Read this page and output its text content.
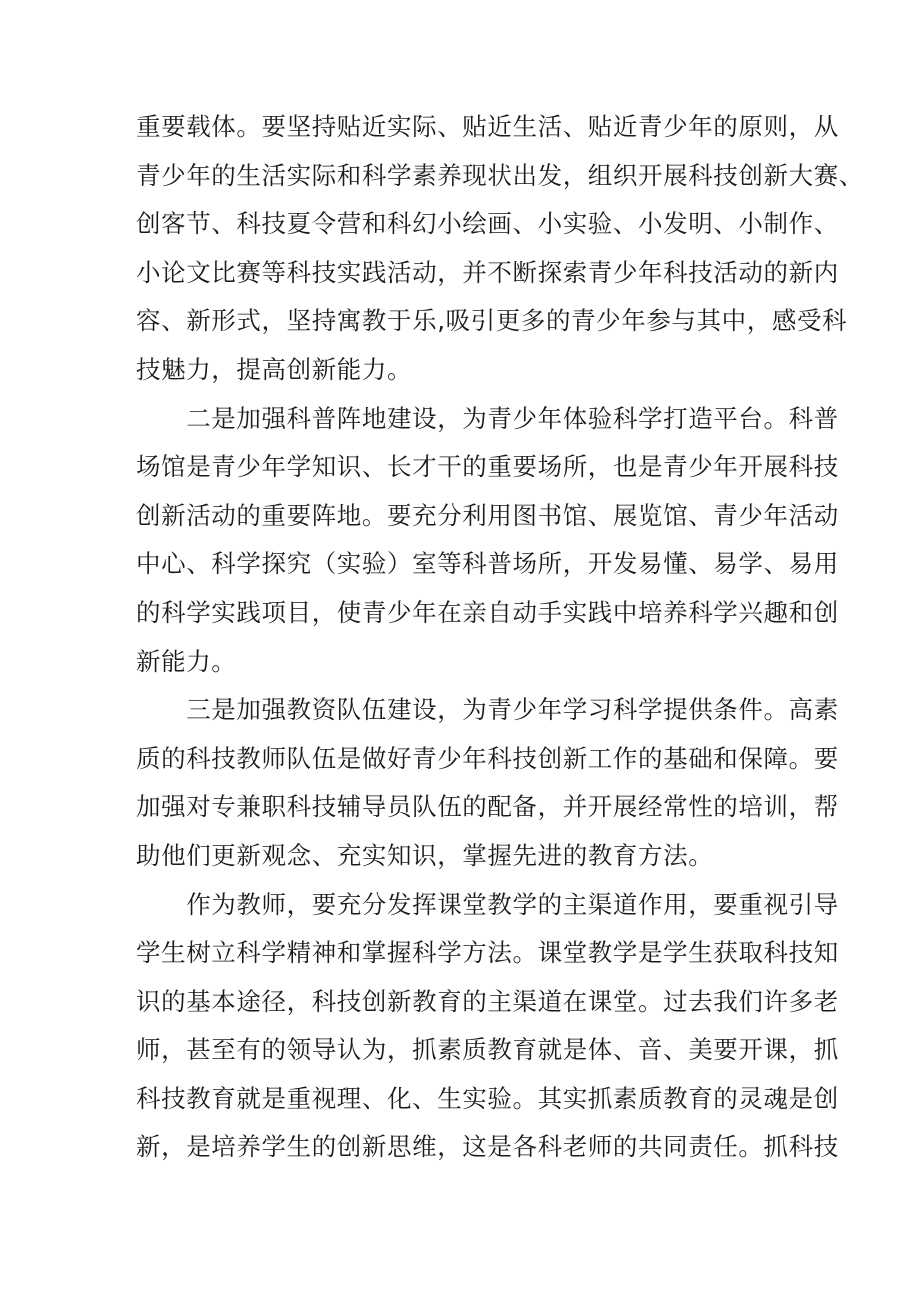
重要载体。要坚持贴近实际、贴近生活、贴近青少年的原则，从
青少年的生活实际和科学素养现状出发，组织开展科技创新大赛、
创客节、科技夏令营和科幻小绘画、小实验、小发明、小制作、
小论文比赛等科技实践活动，并不断探索青少年科技活动的新内
容、新形式，坚持寓教于乐,吸引更多的青少年参与其中，感受科
技魅力，提高创新能力。
　　二是加强科普阵地建设，为青少年体验科学打造平台。科普
场馆是青少年学知识、长才干的重要场所，也是青少年开展科技
创新活动的重要阵地。要充分利用图书馆、展览馆、青少年活动
中心、科学探究（实验）室等科普场所，开发易懂、易学、易用
的科学实践项目，使青少年在亲自动手实践中培养科学兴趣和创
新能力。
　　三是加强教资队伍建设，为青少年学习科学提供条件。高素
质的科技教师队伍是做好青少年科技创新工作的基础和保障。要
加强对专兼职科技辅导员队伍的配备，并开展经常性的培训，帮
助他们更新观念、充实知识，掌握先进的教育方法。
　　作为教师，要充分发挥课堂教学的主渠道作用，要重视引导
学生树立科学精神和掌握科学方法。课堂教学是学生获取科技知
识的基本途径，科技创新教育的主渠道在课堂。过去我们许多老
师，甚至有的领导认为，抓素质教育就是体、音、美要开课，抓
科技教育就是重视理、化、生实验。其实抓素质教育的灵魂是创
新，是培养学生的创新思维，这是各科老师的共同责任。抓科技
